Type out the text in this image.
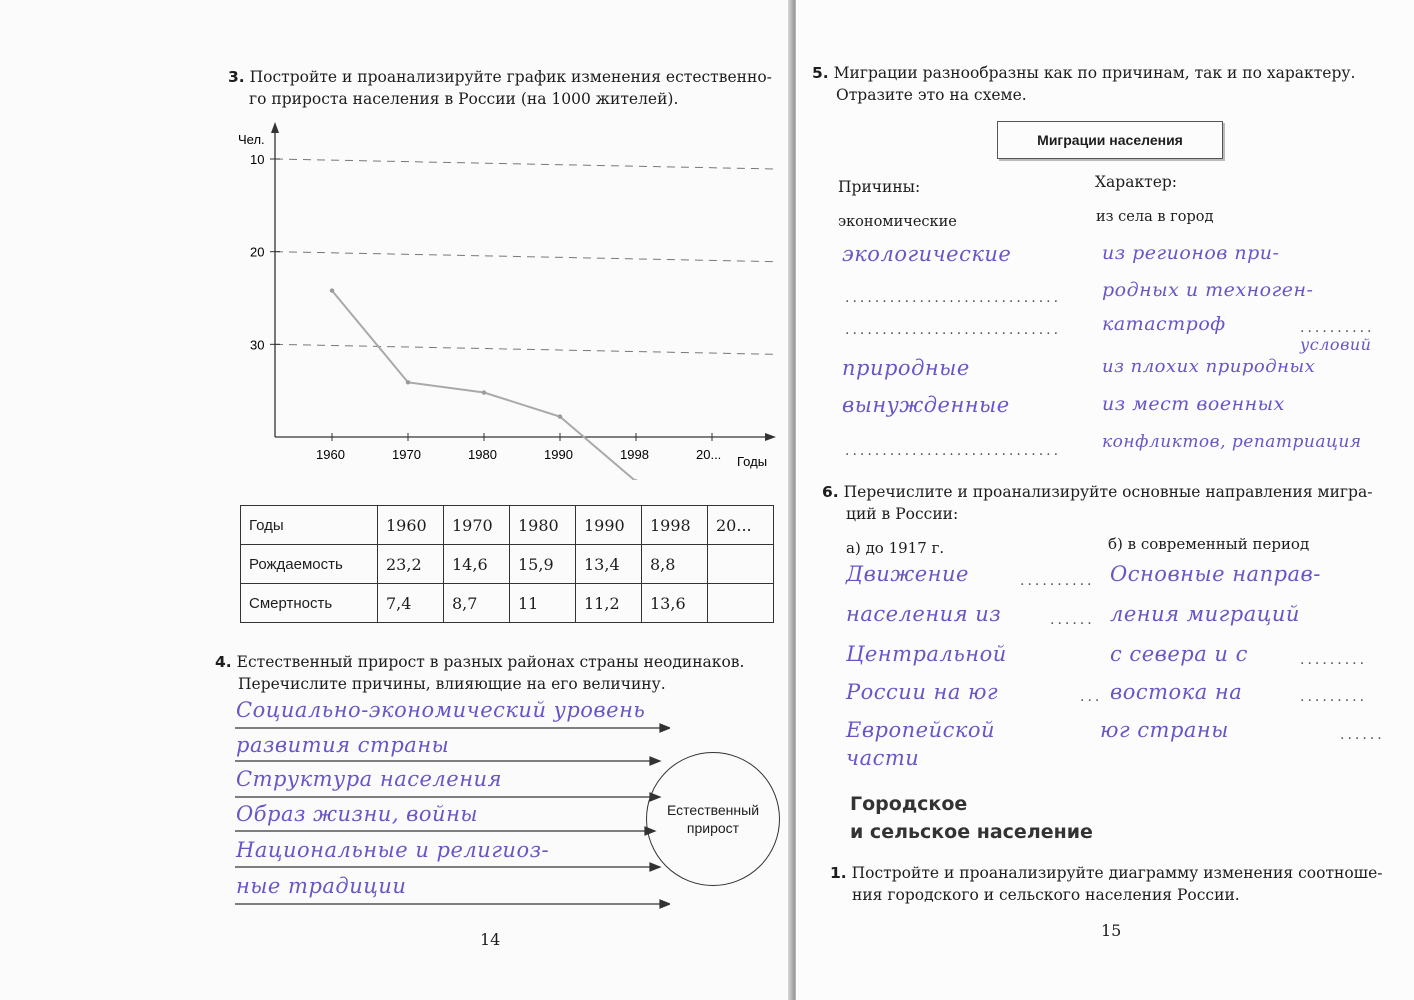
3. Постройте и проанализируйте график изменения естественно-
го прироста населения в России (на 1000 жителей).
Чел.
Годы
30
20
10
1960	1970	1980	1990	1998	20...
Годы	1960	1970	1980	1990	1998	20...
Рождаемость	23,2	14,6	15,9	13,4	8,8	
Смертность	7,4	8,7	11	11,2	13,6	
4. Естественный прирост в разных районах страны неодинаков.
Перечислите причины, влияющие на его величину.
Социально-экономический уровень
развития страны
Структура населения
Образ жизни, войны
Национальные и религиоз-
ные традиции
Естественный прирост
14
5. Миграции разнообразны как по причинам, так и по характеру.
Отразите это на схеме.
Миграции населения
Причины:	Характер:
экономические	из села в город
.............................
.............................
.............................
..........
экологические
природные
вынужденные
из регионов при-
родных и техноген-
катастроф
условий
из плохих природных
из мест военных
конфликтов, репатриация
6. Перечислите и проанализируйте основные направления мигра-
ций в России:
а) до 1917 г.	б) в современный период
..........
......
.........
...	.........
......
Движение
населения из
Центральной
России на юг
Европейской
части
Основные направ-
ления миграций
с севера и с
востока на
юг страны
Городское
и сельское население
1. Постройте и проанализируйте диаграмму изменения соотноше-
ния городского и сельского населения России.
15
